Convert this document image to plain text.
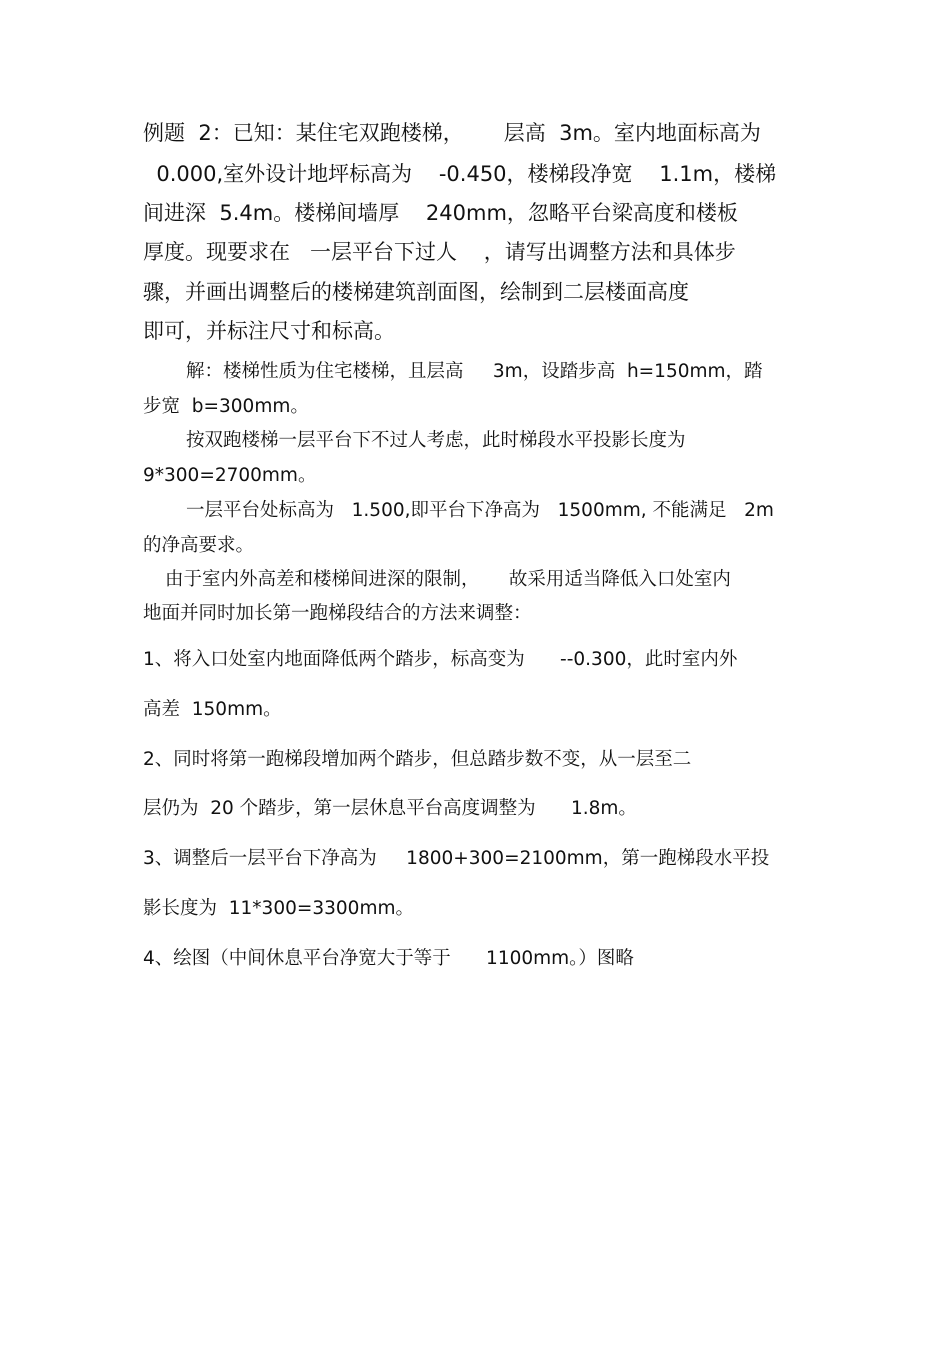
例题  2：已知：某住宅双跑楼梯，      层高  3m。室内地面标高为
0.000,室外设计地坪标高为    -0.450，楼梯段净宽    1.1m，楼梯
间进深  5.4m。楼梯间墙厚    240mm，忽略平台梁高度和楼板
厚度。现要求在   一层平台下过人    ，请写出调整方法和具体步
骤，并画出调整后的楼梯建筑剖面图，绘制到二层楼面高度
即可，并标注尺寸和标高。
解：楼梯性质为住宅楼梯，且层高     3m，设踏步高  h=150mm，踏
步宽  b=300mm。
按双跑楼梯一层平台下不过人考虑，此时梯段水平投影长度为
9*300=2700mm。
一层平台处标高为   1.500,即平台下净高为   1500mm, 不能满足   2m
的净高要求。
由于室内外高差和楼梯间进深的限制，     故采用适当降低入口处室内
地面并同时加长第一跑梯段结合的方法来调整：
1、将入口处室内地面降低两个踏步，标高变为      --0.300，此时室内外
高差  150mm。
2、同时将第一跑梯段增加两个踏步，但总踏步数不变，从一层至二
层仍为  20 个踏步，第一层休息平台高度调整为      1.8m。
3、调整后一层平台下净高为     1800+300=2100mm，第一跑梯段水平投
影长度为  11*300=3300mm。
4、绘图（中间休息平台净宽大于等于      1100mm。）图略
